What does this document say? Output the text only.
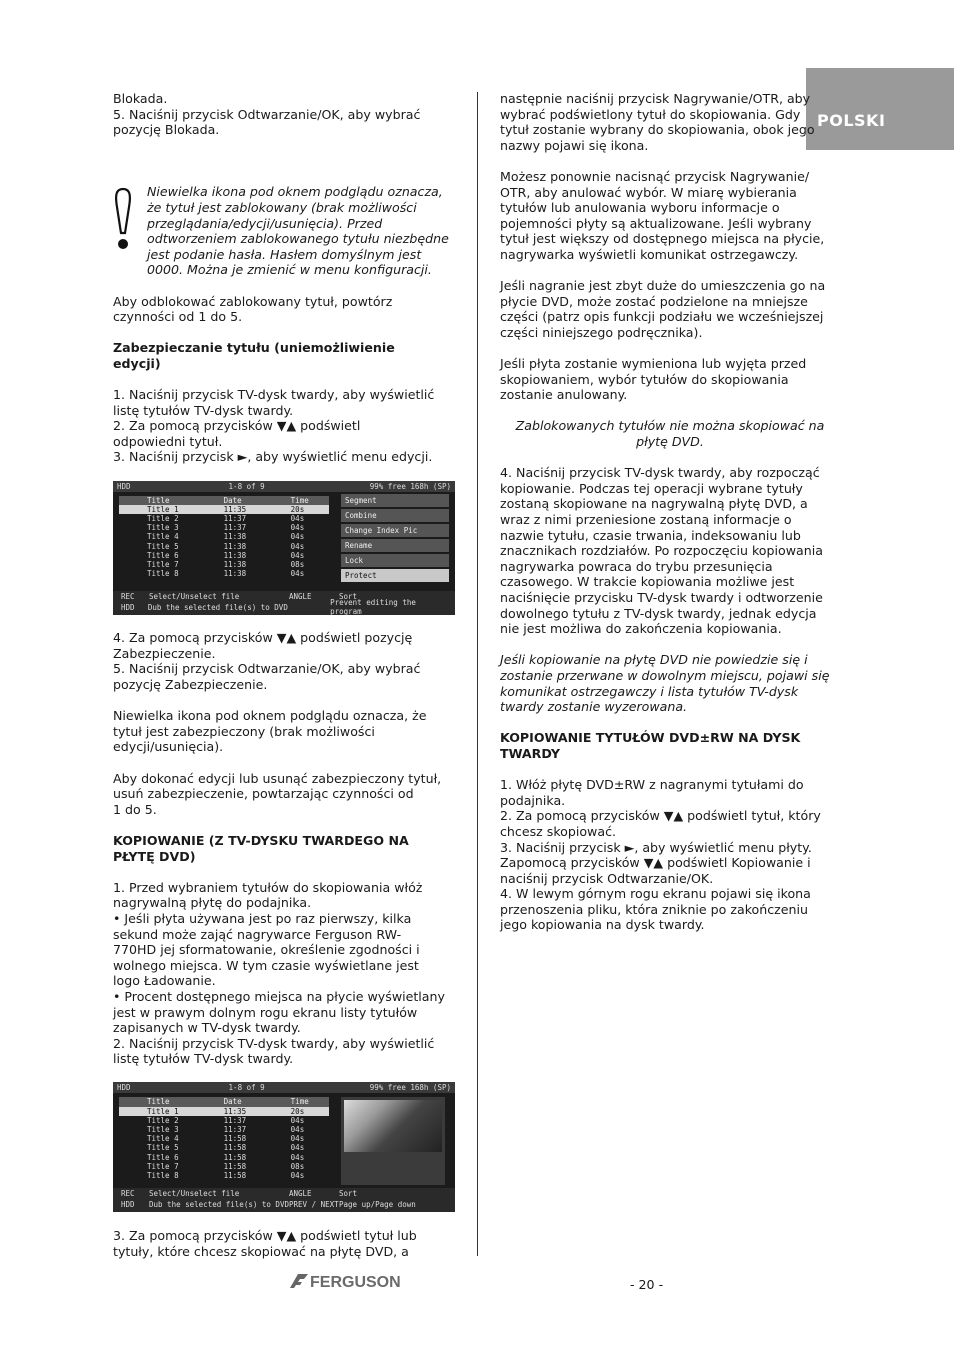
POLSKI
Blokada.
5. Naciśnij przycisk Odtwarzanie/OK, aby wybrać
pozycję Blokada.
Niewielka ikona pod oknem podglądu oznacza,
że tytuł jest zablokowany (brak możliwości
przeglądania/edycji/usunięcia). Przed
odtworzeniem zablokowanego tytułu niezbędne
jest podanie hasła. Hasłem domyślnym jest
0000. Można je zmienić w menu konfiguracji.
Aby odblokować zablokowany tytuł, powtórz
czynności od 1 do 5.
Zabezpieczanie tytułu (uniemożliwienie
edycji)
1. Naciśnij przycisk TV-dysk twardy, aby wyświetlić
listę tytułów TV-dysk twardy.
2. Za pomocą przycisków ▼▲ podświetl
odpowiedni tytuł.
3. Naciśnij przycisk ►, aby wyświetlić menu edycji.
HDD	1-8 of 9	99% free 168h (SP)
Title	Date	Time
Title 1	11:35	20s
Title 2	11:37	04s
Title 3	11:37	04s
Title 4	11:38	04s
Title 5	11:38	04s
Title 6	11:38	04s
Title 7	11:38	08s
Title 8	11:38	04s
Segment
Combine
Change Index Pic
Rename
Lock
Protect
REC	Select/Unselect file	ANGLE	Sort
HDD	Dub the selected file(s) to DVD
Prevent editing the program
4. Za pomocą przycisków ▼▲ podświetl pozycję
Zabezpieczenie.
5. Naciśnij przycisk Odtwarzanie/OK, aby wybrać
pozycję Zabezpieczenie.
Niewielka ikona pod oknem podglądu oznacza, że
tytuł jest zabezpieczony (brak możliwości
edycji/usunięcia).
Aby dokonać edycji lub usunąć zabezpieczony tytuł,
usuń zabezpieczenie, powtarzając czynności od
1 do 5.
KOPIOWANIE (Z TV-DYSKU TWARDEGO NA
PŁYTĘ DVD)
1. Przed wybraniem tytułów do skopiowania włóż
nagrywalną płytę do podajnika.
• Jeśli płyta używana jest po raz pierwszy, kilka
sekund może zająć nagrywarce Ferguson RW-
770HD jej sformatowanie, określenie zgodności i
wolnego miejsca. W tym czasie wyświetlane jest
logo Ładowanie.
• Procent dostępnego miejsca na płycie wyświetlany
jest w prawym dolnym rogu ekranu listy tytułów
zapisanych w TV-dysk twardy.
2. Naciśnij przycisk TV-dysk twardy, aby wyświetlić
listę tytułów TV-dysk twardy.
HDD	1-8 of 9	99% free 168h (SP)
Title	Date	Time
Title 1	11:35	20s
Title 2	11:37	04s
Title 3	11:37	04s
Title 4	11:58	04s
Title 5	11:58	04s
Title 6	11:58	04s
Title 7	11:58	08s
Title 8	11:58	04s
REC	Select/Unselect file	ANGLE	Sort
HDD	Dub the selected file(s) to DVD PREV / NEXT Page up/Page down
3. Za pomocą przycisków ▼▲ podświetl tytuł lub
tytuły, które chcesz skopiować na płytę DVD, a
następnie naciśnij przycisk Nagrywanie/OTR, aby
wybrać podświetlony tytuł do skopiowania. Gdy
tytuł zostanie wybrany do skopiowania, obok jego
nazwy pojawi się ikona.
Możesz ponownie nacisnąć przycisk Nagrywanie/
OTR, aby anulować wybór. W miarę wybierania
tytułów lub anulowania wyboru informacje o
pojemności płyty są aktualizowane. Jeśli wybrany
tytuł jest większy od dostępnego miejsca na płycie,
nagrywarka wyświetli komunikat ostrzegawczy.
Jeśli nagranie jest zbyt duże do umieszczenia go na
płycie DVD, może zostać podzielone na mniejsze
części (patrz opis funkcji podziału we wcześniejszej
części niniejszego podręcznika).
Jeśli płyta zostanie wymieniona lub wyjęta przed
skopiowaniem, wybór tytułów do skopiowania
zostanie anulowany.
Zablokowanych tytułów nie można skopiować na
płytę DVD.
4. Naciśnij przycisk TV-dysk twardy, aby rozpocząć
kopiowanie. Podczas tej operacji wybrane tytuły
zostaną skopiowane na nagrywalną płytę DVD, a
wraz z nimi przeniesione zostaną informacje o
nazwie tytułu, czasie trwania, indeksowaniu lub
znacznikach rozdziałów. Po rozpoczęciu kopiowania
nagrywarka powraca do trybu przesunięcia
czasowego. W trakcie kopiowania możliwe jest
naciśnięcie przycisku TV-dysk twardy i odtworzenie
dowolnego tytułu z TV-dysk twardy, jednak edycja
nie jest możliwa do zakończenia kopiowania.
Jeśli kopiowanie na płytę DVD nie powiedzie się i
zostanie przerwane w dowolnym miejscu, pojawi się
komunikat ostrzegawczy i lista tytułów TV-dysk
twardy zostanie wyzerowana.
KOPIOWANIE TYTUŁÓW DVD±RW NA DYSK
TWARDY
1. Włóż płytę DVD±RW z nagranymi tytułami do
podajnika.
2. Za pomocą przycisków ▼▲ podświetl tytuł, który
chcesz skopiować.
3. Naciśnij przycisk ►, aby wyświetlić menu płyty.
Zapomocą przycisków ▼▲ podświetl Kopiowanie i
naciśnij przycisk Odtwarzanie/OK.
4. W lewym górnym rogu ekranu pojawi się ikona
przenoszenia pliku, która zniknie po zakończeniu
jego kopiowania na dysk twardy.
FERGUSON	- 20 -
